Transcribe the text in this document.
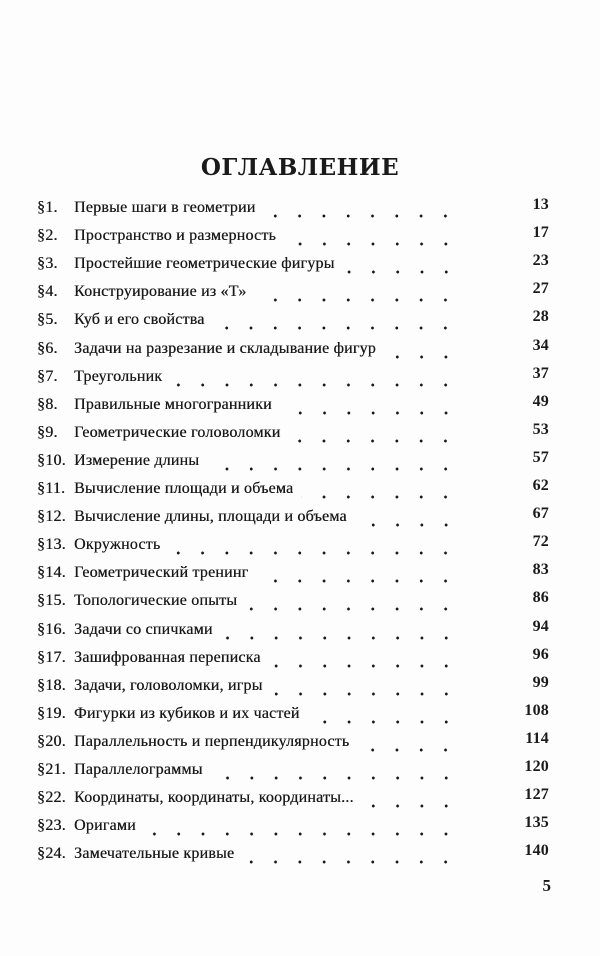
ОГЛАВЛЕНИЕ
§1.	Первые шаги в геометрии	13
§2.	Пространство и размерность	17
§3.	Простейшие геометрические фигуры	23
§4.	Конструирование из «Т»	27
§5.	Куб и его свойства	28
§6.	Задачи на разрезание и складывание фигур	34
§7.	Треугольник	37
§8.	Правильные многогранники	49
§9.	Геометрические головоломки	53
§10. Измерение длины	57
§11. Вычисление площади и объема	62
§12. Вычисление длины, площади и объема	67
§13. Окружность	72
§14. Геометрический тренинг	83
§15. Топологические опыты	86
§16. Задачи со спичками	94
§17. Зашифрованная переписка	96
§18. Задачи, головоломки, игры	99
§19. Фигурки из кубиков и их частей	108
§20. Параллельность и перпендикулярность	114
§21. Параллелограммы	120
§22. Координаты, координаты, координаты...	127
§23. Оригами	135
§24. Замечательные кривые	140
5
